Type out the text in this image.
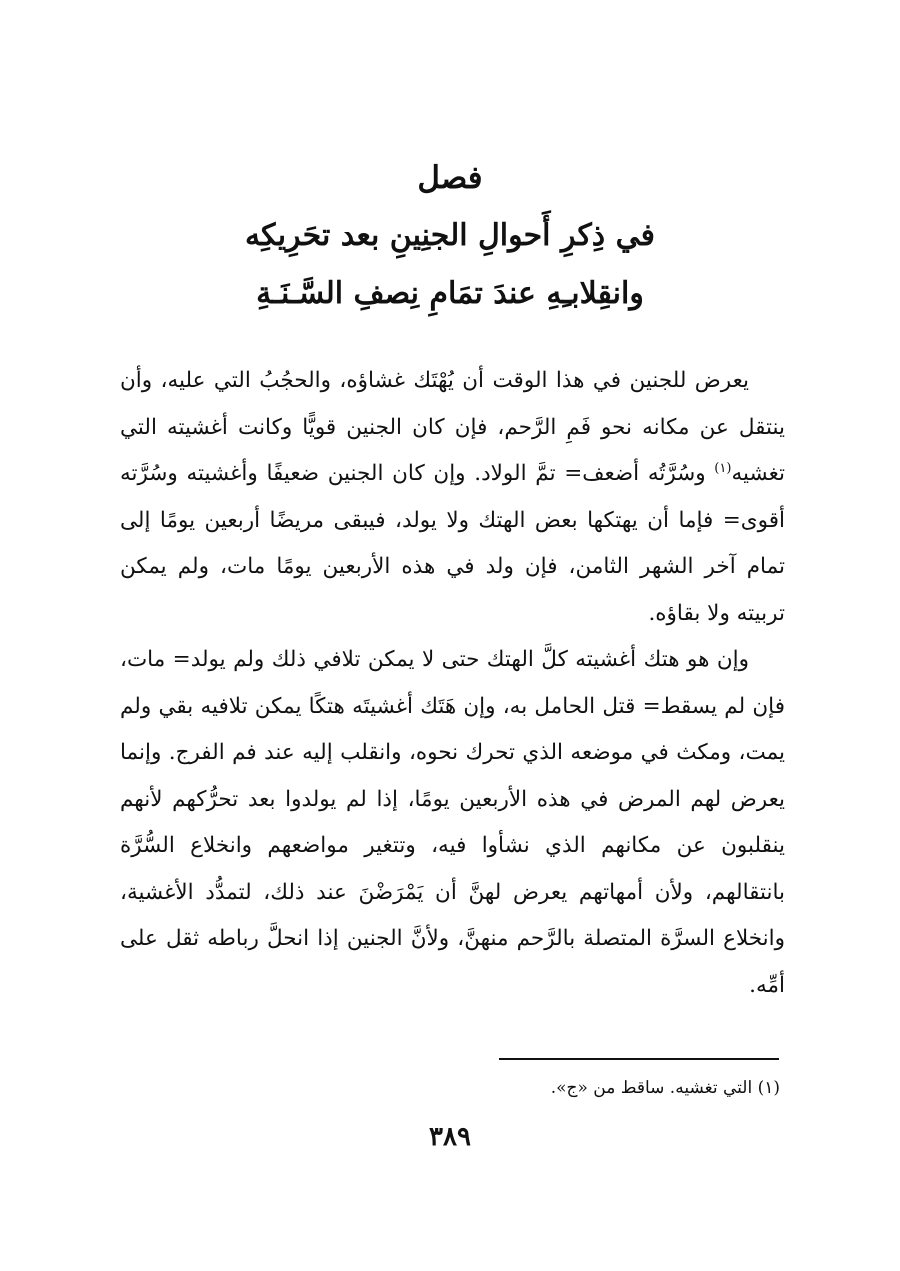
فصل
في ذِكرِ أَحوالِ الجنِينِ بعد تحَرِيكِه
وانقِلابـِهِ عندَ تمَامِ نِصفِ السَّـنَـةِ

يعرض للجنين في هذا الوقت أن يُهْتَك غشاؤه، والحجُبُ التي عليه، وأن ينتقل عن مكانه نحو فَمِ الرَّحم، فإن كان الجنين قويًّا وكانت أغشيته التي تغشيه$^{(١)}$ وسُرَّتُه أضعف= تمَّ الولاد. وإن كان الجنين ضعيفًا وأغشيته وسُرَّته أقوى= فإما أن يهتكها بعض الهتك ولا يولد، فيبقى مريضًا أربعين يومًا إلى تمام آخر الشهر الثامن، فإن ولد في هذه الأربعين يومًا مات، ولم يمكن تربيته ولا بقاؤه.

وإن هو هتك أغشيته كلَّ الهتك حتى لا يمكن تلافي ذلك ولم يولد= مات، فإن لم يسقط= قتل الحامل به، وإن هَتَك أغشيتَه هتكًا يمكن تلافيه بقي ولم يمت، ومكث في موضعه الذي تحرك نحوه، وانقلب إليه عند فم الفرج. وإنما يعرض لهم المرض في هذه الأربعين يومًا، إذا لم يولدوا بعد تحرُّكهم لأنهم ينقلبون عن مكانهم الذي نشأوا فيه، وتتغير مواضعهم وانخلاع السُّرَّة بانتقالهم، ولأن أمهاتهم يعرض لهنَّ أن يَمْرَضْنَ عند ذلك، لتمدُّد الأغشية، وانخلاع السرَّة المتصلة بالرَّحم منهنَّ، ولأنَّ الجنين إذا انحلَّ رباطه ثقل على أمِّه.

(١) التي تغشيه. ساقط من «ج».
٣٨٩
